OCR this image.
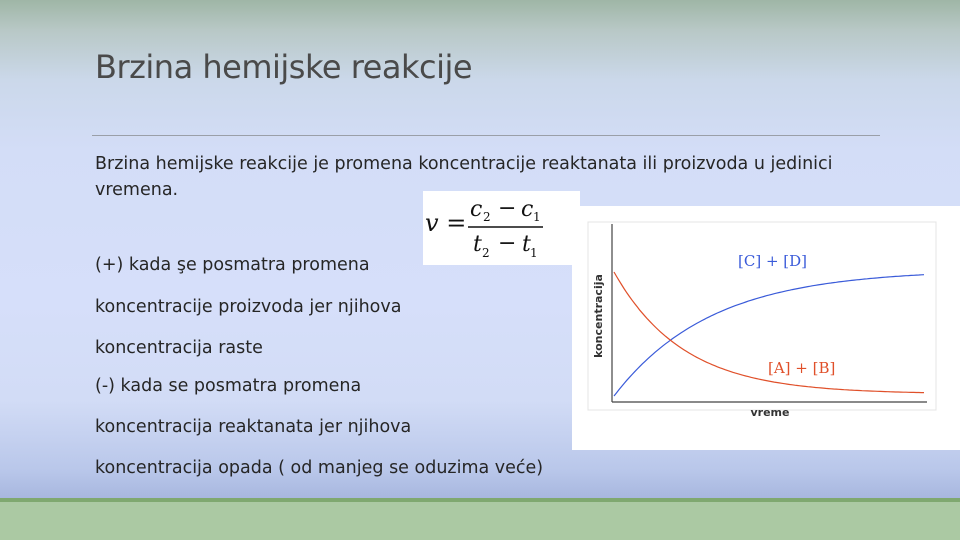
Brzina hemijske reakcije
Brzina hemijske reakcije je promena koncentracije reaktanata ili proizvoda u jedinici vremena.
v = c 2 − c 1
t 2 − t 1
(+) kada şe posmatra promena
koncentracije proizvoda jer njihova
koncentracija raste
(-) kada se posmatra promena
koncentracija reaktanata jer njihova
koncentracija opada ( od manjeg se oduzima veće)
koncentracija
vreme
[C] + [D]
[A] + [B]
